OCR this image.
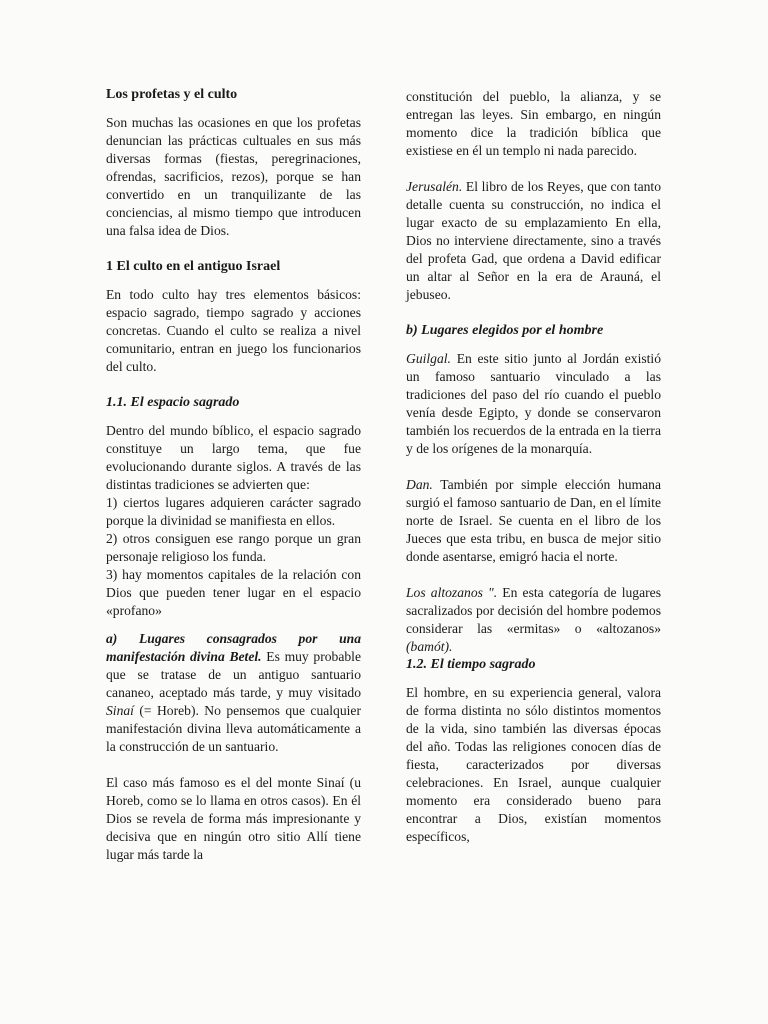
Los profetas y el culto

Son muchas las ocasiones en que los profetas denuncian las prácticas cultuales en sus más diversas formas (fiestas, peregrinaciones, ofrendas, sacrificios, rezos), porque se han convertido en un tranquilizante de las conciencias, al mismo tiempo que introducen una falsa idea de Dios.

1 El culto en el antiguo Israel

En todo culto hay tres elementos básicos: espacio sagrado, tiempo sagrado y acciones concretas. Cuando el culto se realiza a nivel comunitario, entran en juego los funcionarios del culto.

1.1. El espacio sagrado

Dentro del mundo bíblico, el espacio sagrado constituye un largo tema, que fue evolucionando durante siglos. A través de las distintas tradiciones se advierten que:

1) ciertos lugares adquieren carácter sagrado porque la divinidad se manifiesta en ellos.

2) otros consiguen ese rango porque un gran personaje religioso los funda.

3) hay momentos capitales de la relación con Dios que pueden tener lugar en el espacio «profano»

a) Lugares consagrados por una manifestación divina Betel. Es muy probable que se tratase de un antiguo santuario cananeo, aceptado más tarde, y muy visitado Sinaí (= Horeb). No pensemos que cualquier manifestación divina lleva automáticamente a la construcción de un santuario.

El caso más famoso es el del monte Sinaí (u Horeb, como se lo llama en otros casos). En él Dios se revela de forma más impresionante y decisiva que en ningún otro sitio Allí tiene lugar más tarde la

constitución del pueblo, la alianza, y se entregan las leyes. Sin embargo, en ningún momento dice la tradición bíblica que existiese en él un templo ni nada parecido.

Jerusalén. El libro de los Reyes, que con tanto detalle cuenta su construcción, no indica el lugar exacto de su emplazamiento En ella, Dios no interviene directamente, sino a través del profeta Gad, que ordena a David edificar un altar al Señor en la era de Arauná, el jebuseo.

b) Lugares elegidos por el hombre

Guilgal. En este sitio junto al Jordán existió un famoso santuario vinculado a las tradiciones del paso del río cuando el pueblo venía desde Egipto, y donde se conservaron también los recuerdos de la entrada en la tierra y de los orígenes de la monarquía.

Dan. También por simple elección humana surgió el famoso santuario de Dan, en el límite norte de Israel. Se cuenta en el libro de los Jueces que esta tribu, en busca de mejor sitio donde asentarse, emigró hacia el norte.

Los altozanos ". En esta categoría de lugares sacralizados por decisión del hombre podemos considerar las «ermitas» o «altozanos» (bamót).

1.2. El tiempo sagrado

El hombre, en su experiencia general, valora de forma distinta no sólo distintos momentos de la vida, sino también las diversas épocas del año. Todas las religiones conocen días de fiesta, caracterizados por diversas celebraciones. En Israel, aunque cualquier momento era considerado bueno para encontrar a Dios, existían momentos específicos,
